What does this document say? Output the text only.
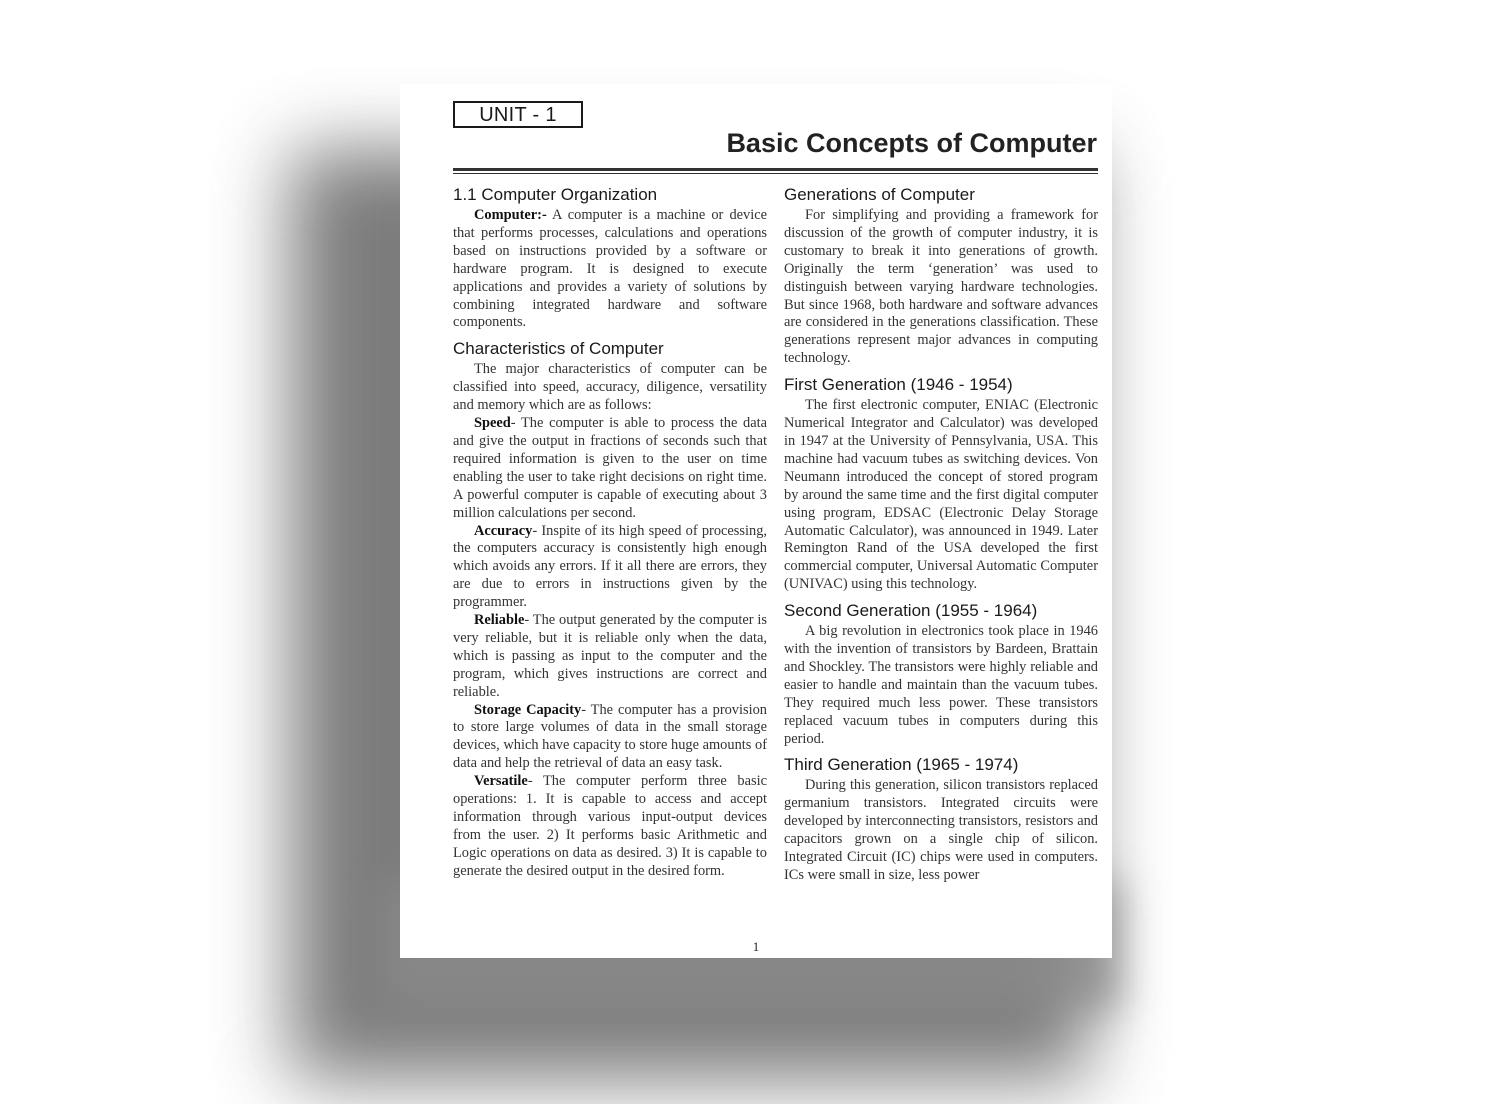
UNIT - 1
Basic Concepts of Computer
1.1 Computer Organization

Computer:- A computer is a machine or device that performs processes, calculations and operations based on instructions provided by a software or hardware program. It is designed to execute applications and provides a variety of solutions by combining integrated hardware and software components.

Characteristics of Computer

The major characteristics of computer can be classified into speed, accuracy, diligence, versatility and memory which are as follows:

Speed- The computer is able to process the data and give the output in fractions of seconds such that required information is given to the user on time enabling the user to take right decisions on right time. A powerful computer is capable of executing about 3 million calculations per second.

Accuracy- Inspite of its high speed of processing, the computers accuracy is consistently high enough which avoids any errors. If it all there are errors, they are due to errors in instructions given by the programmer.

Reliable- The output generated by the computer is very reliable, but it is reliable only when the data, which is passing as input to the computer and the program, which gives instructions are correct and reliable.

Storage Capacity- The computer has a provision to store large volumes of data in the small storage devices, which have capacity to store huge amounts of data and help the retrieval of data an easy task.

Versatile- The computer perform three basic operations: 1. It is capable to access and accept information through various input-output devices from the user. 2) It performs basic Arithmetic and Logic operations on data as desired. 3) It is capable to generate the desired output in the desired form.

Generations of Computer

For simplifying and providing a framework for discussion of the growth of computer industry, it is customary to break it into generations of growth. Originally the term ‘generation’ was used to distinguish between varying hardware technologies. But since 1968, both hardware and software advances are considered in the generations classification. These generations represent major advances in computing technology.

First Generation (1946 - 1954)

The first electronic computer, ENIAC (Electronic Numerical Integrator and Calculator) was developed in 1947 at the University of Pennsylvania, USA. This machine had vacuum tubes as switching devices. Von Neumann introduced the concept of stored program by around the same time and the first digital computer using program, EDSAC (Electronic Delay Storage Automatic Calculator), was announced in 1949. Later Remington Rand of the USA developed the first commercial computer, Universal Automatic Computer (UNIVAC) using this technology.

Second Generation (1955 - 1964)

A big revolution in electronics took place in 1946 with the invention of transistors by Bardeen, Brattain and Shockley. The transistors were highly reliable and easier to handle and maintain than the vacuum tubes. They required much less power. These transistors replaced vacuum tubes in computers during this period.

Third Generation (1965 - 1974)

During this generation, silicon transistors replaced germanium transistors. Integrated circuits were developed by interconnecting transistors, resistors and capacitors grown on a single chip of silicon. Integrated Circuit (IC) chips were used in computers. ICs were small in size, less power

1
